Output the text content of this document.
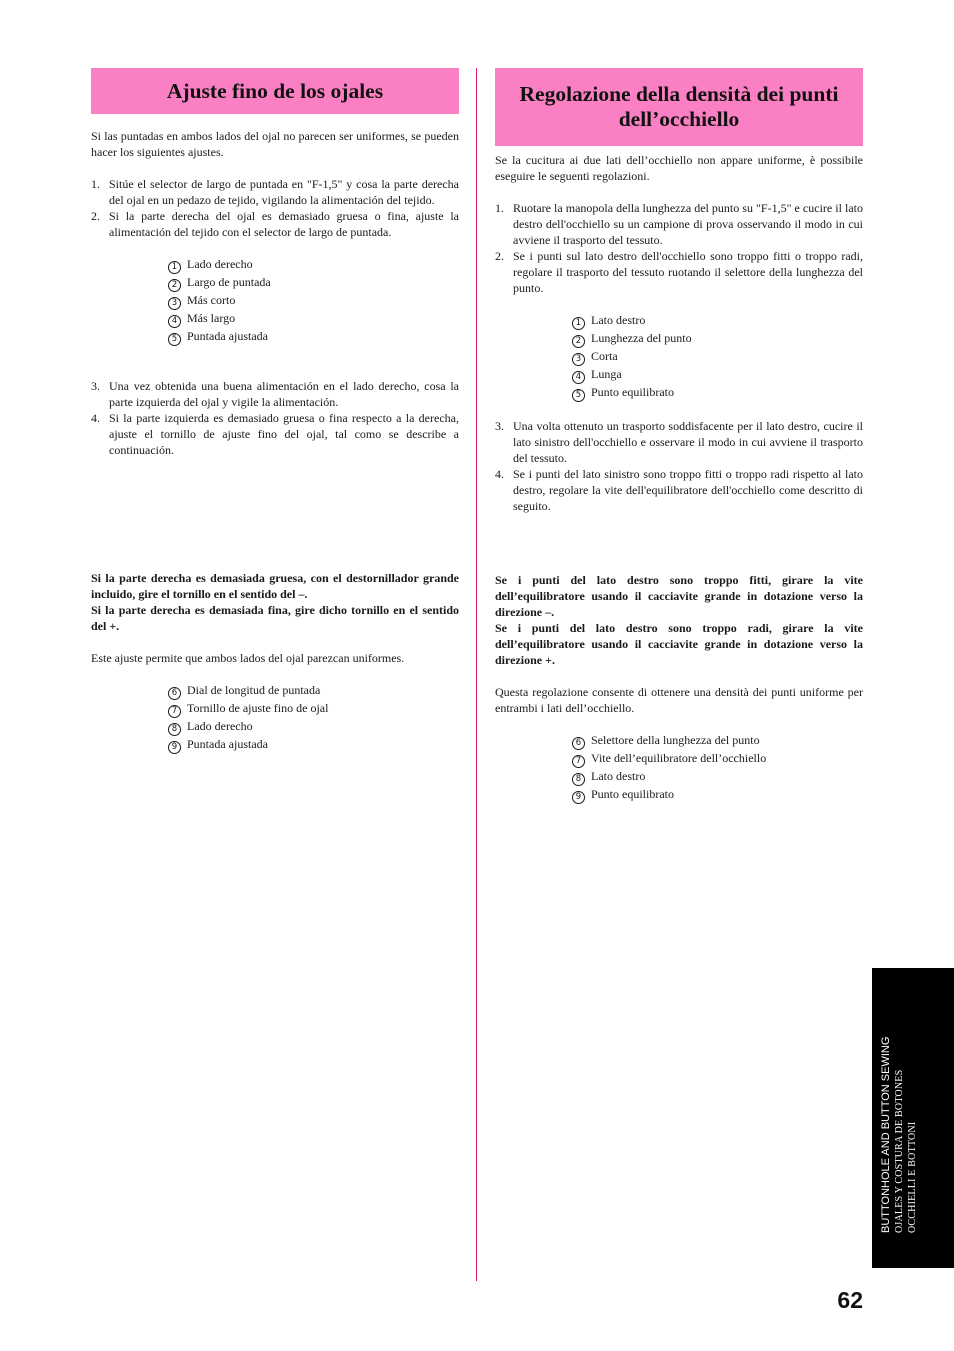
Ajuste fino de los ojales

Si las puntadas en ambos lados del ojal no parecen ser uniformes, se pueden hacer los siguientes ajustes.

1. Sitúe el selector de largo de puntada en "F-1,5" y cosa la parte derecha del ojal en un pedazo de tejido, vigilando la alimentación del tejido.
2. Si la parte derecha del ojal es demasiado gruesa o fina, ajuste la alimentación del tejido con el selector de largo de puntada.
1 Lado derecho
2 Largo de puntada
3 Más corto
4 Más largo
5 Puntada ajustada
3. Una vez obtenida una buena alimentación en el lado derecho, cosa la parte izquierda del ojal y vigile la alimentación.
4. Si la parte izquierda es demasiado gruesa o fina respecto a la derecha, ajuste el tornillo de ajuste fino del ojal, tal como se describe a continuación.

Si la parte derecha es demasiada gruesa, con el destornillador grande incluido, gire el tornillo en el sentido del –.

Si la parte derecha es demasiada fina, gire dicho tornillo en el sentido del +.

Este ajuste permite que ambos lados del ojal parezcan uniformes.

6 Dial de longitud de puntada
7 Tornillo de ajuste fino de ojal
8 Lado derecho
9 Puntada ajustada
Regolazione della densità dei punti dell’occhiello

Se la cucitura ai due lati dell’occhiello non appare uniforme, è possibile eseguire le seguenti regolazioni.

1. Ruotare la manopola della lunghezza del punto su "F-1,5" e cucire il lato destro dell'occhiello su un campione di prova osservando il modo in cui avviene il trasporto del tessuto.
2. Se i punti sul lato destro dell'occhiello sono troppo fitti o troppo radi, regolare il trasporto del tessuto ruotando il selettore della lunghezza del punto.
1 Lato destro
2 Lunghezza del punto
3 Corta
4 Lunga
5 Punto equilibrato
3. Una volta ottenuto un trasporto soddisfacente per il lato destro, cucire il lato sinistro dell'occhiello e osservare il modo in cui avviene il trasporto del tessuto.
4. Se i punti del lato sinistro sono troppo fitti o troppo radi rispetto al lato destro, regolare la vite dell'equilibratore dell'occhiello come descritto di seguito.

Se i punti del lato destro sono troppo fitti, girare la vite dell’equilibratore usando il cacciavite grande in dotazione verso la direzione –.

Se i punti del lato destro sono troppo radi, girare la vite dell’equilibratore usando il cacciavite grande in dotazione verso la direzione +.

Questa regolazione consente di ottenere una densità dei punti uniforme per entrambi i lati dell’occhiello.

6 Selettore della lunghezza del punto
7 Vite dell’equilibratore dell’occhiello
8 Lato destro
9 Punto equilibrato
BUTTONHOLE AND BUTTON SEWING OJALES Y COSTURA DE BOTONES OCCHIELLI E BOTTONI
62
